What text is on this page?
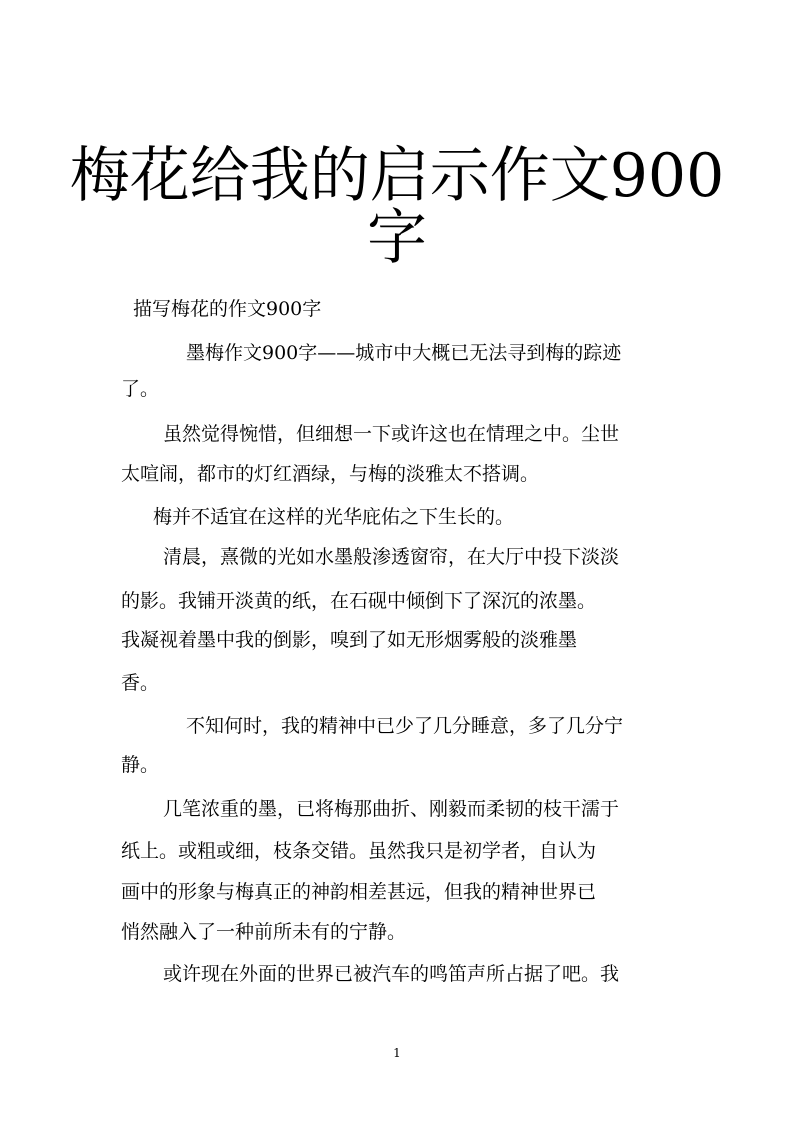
梅花给我的启示作文900
字
描写梅花的作文900字
墨梅作文900字——城市中大概已无法寻到梅的踪迹
了。
虽然觉得惋惜，但细想一下或许这也在情理之中。尘世
太喧闹，都市的灯红酒绿，与梅的淡雅太不搭调。
梅并不适宜在这样的光华庇佑之下生长的。
清晨，熹微的光如水墨般渗透窗帘，在大厅中投下淡淡
的影。我铺开淡黄的纸，在石砚中倾倒下了深沉的浓墨。
我凝视着墨中我的倒影，嗅到了如无形烟雾般的淡雅墨
香。
不知何时，我的精神中已少了几分睡意，多了几分宁
静。
几笔浓重的墨，已将梅那曲折、刚毅而柔韧的枝干濡于
纸上。或粗或细，枝条交错。虽然我只是初学者，自认为
画中的形象与梅真正的神韵相差甚远，但我的精神世界已
悄然融入了一种前所未有的宁静。
或许现在外面的世界已被汽车的鸣笛声所占据了吧。我
1
